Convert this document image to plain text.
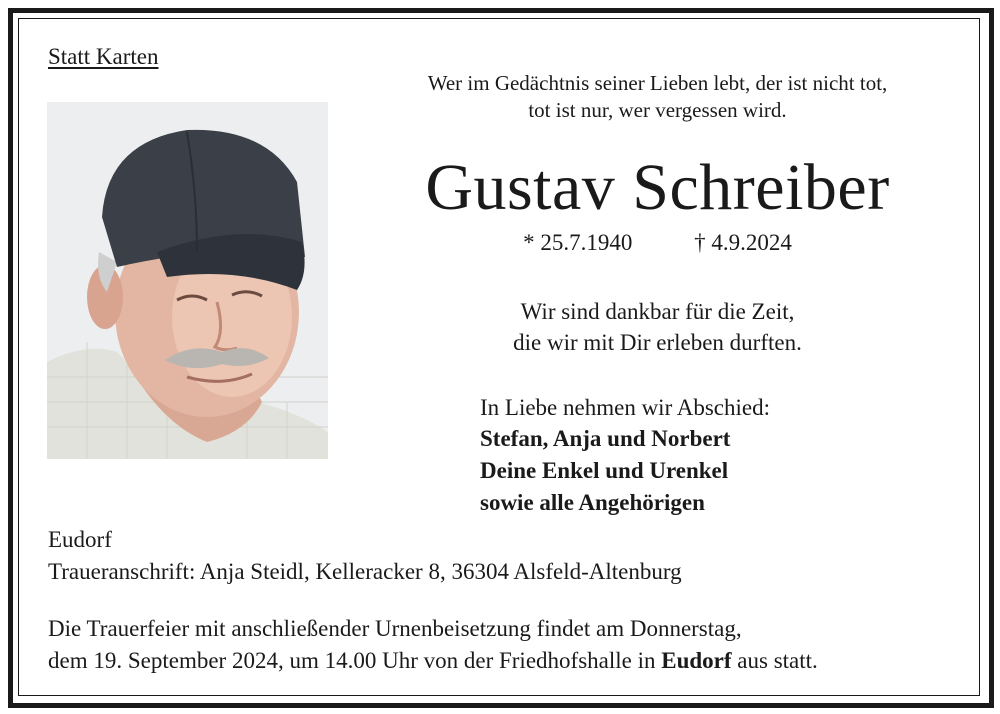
Statt Karten
Wer im Gedächtnis seiner Lieben lebt, der ist nicht tot,
tot ist nur, wer vergessen wird.
Gustav Schreiber
* 25.7.1940	† 4.9.2024
Wir sind dankbar für die Zeit,
die wir mit Dir erleben durften.
In Liebe nehmen wir Abschied:
Stefan, Anja und Norbert
Deine Enkel und Urenkel
sowie alle Angehörigen
Eudorf
Traueranschrift: Anja Steidl, Kelleracker 8, 36304 Alsfeld-Altenburg
Die Trauerfeier mit anschließender Urnenbeisetzung findet am Donnerstag,
dem 19. September 2024, um 14.00 Uhr von der Friedhofshalle in Eudorf aus statt.
